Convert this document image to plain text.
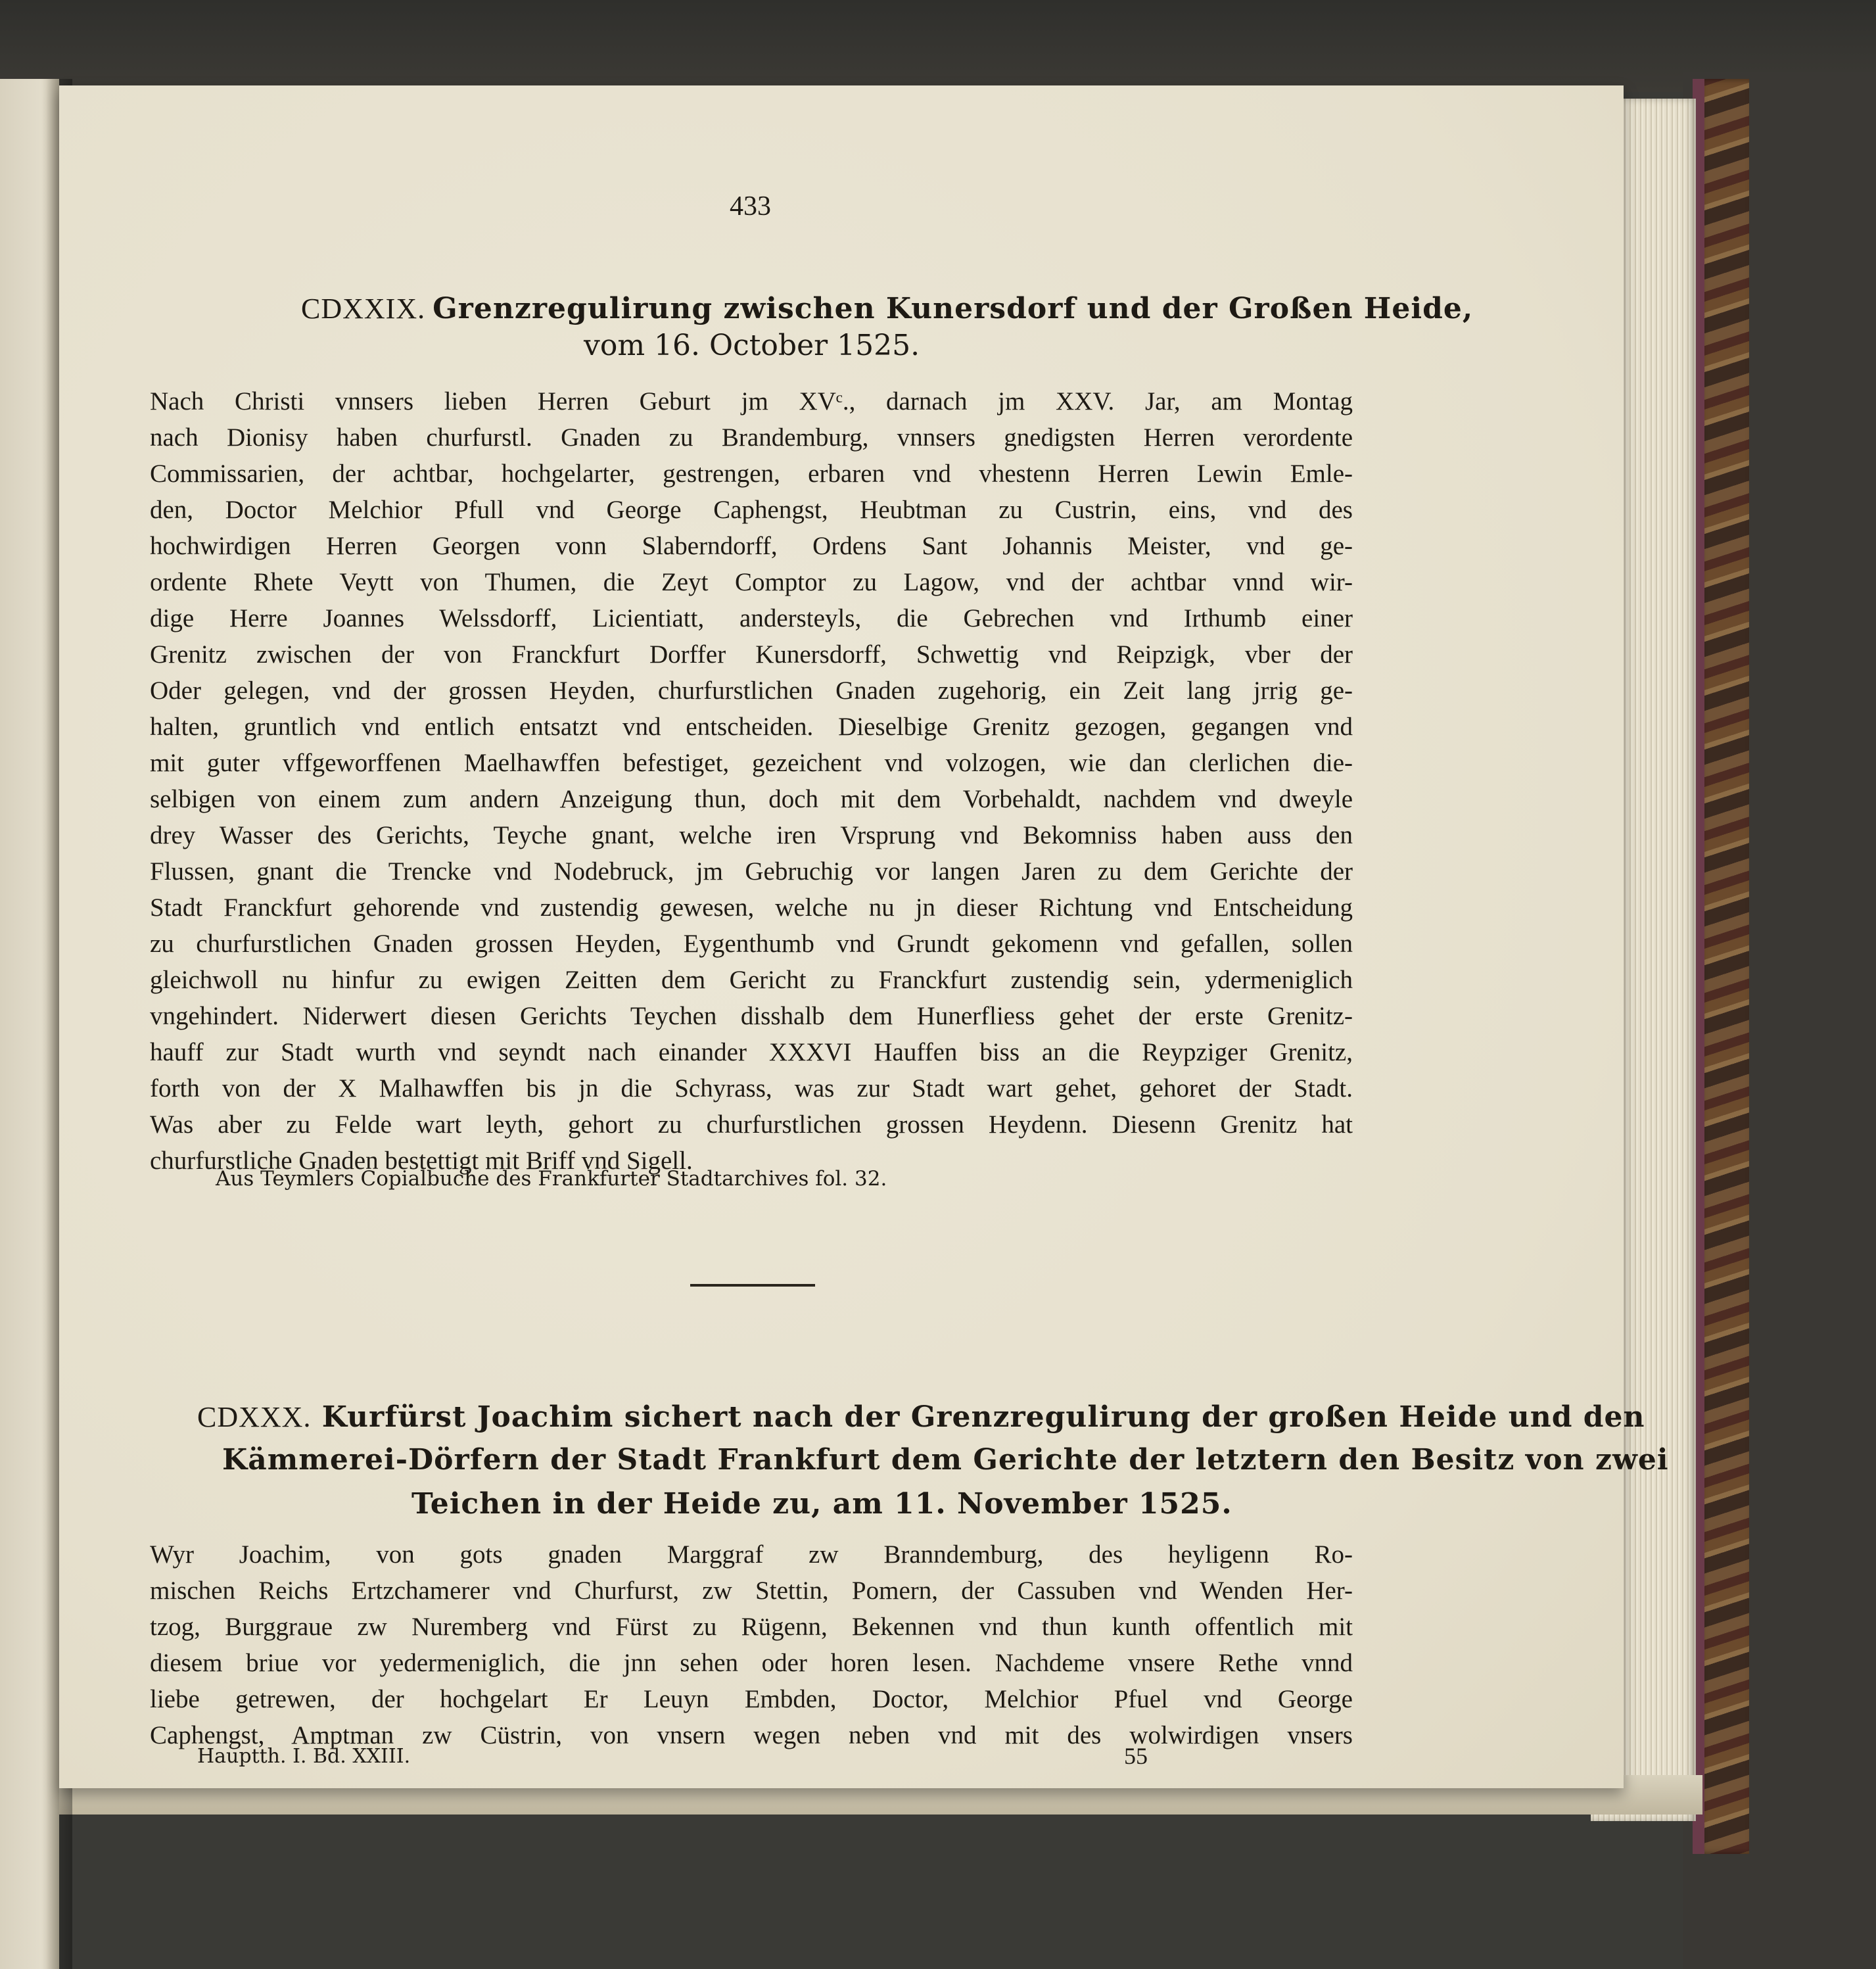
433
CDXXIX. Grenzregulirung zwischen Kunersdorf und der Großen Heide,
vom 16. October 1525.

Nach Christi vnnsers lieben Herren Geburt jm XVᶜ., darnach jm XXV. Jar, am Montag

nach Dionisy haben churfurstl. Gnaden zu Brandemburg, vnnsers gnedigsten Herren verordente

Commissarien, der achtbar, hochgelarter, gestrengen, erbaren vnd vhestenn Herren Lewin Emle-

den, Doctor Melchior Pfull vnd George Caphengst, Heubtman zu Custrin, eins, vnd des

hochwirdigen Herren Georgen vonn Slaberndorff, Ordens Sant Johannis Meister, vnd ge-

ordente Rhete Veytt von Thumen, die Zeyt Comptor zu Lagow, vnd der achtbar vnnd wir-

dige Herre Joannes Welssdorff, Licientiatt, andersteyls, die Gebrechen vnd Irthumb einer

Grenitz zwischen der von Franckfurt Dorffer Kunersdorff, Schwettig vnd Reipzigk, vber der

Oder gelegen, vnd der grossen Heyden, churfurstlichen Gnaden zugehorig, ein Zeit lang jrrig ge-

halten, gruntlich vnd entlich entsatzt vnd entscheiden. Dieselbige Grenitz gezogen, gegangen vnd

mit guter vffgeworffenen Maelhawffen befestiget, gezeichent vnd volzogen, wie dan clerlichen die-

selbigen von einem zum andern Anzeigung thun, doch mit dem Vorbehaldt, nachdem vnd dweyle

drey Wasser des Gerichts, Teyche gnant, welche iren Vrsprung vnd Bekomniss haben auss den

Flussen, gnant die Trencke vnd Nodebruck, jm Gebruchig vor langen Jaren zu dem Gerichte der

Stadt Franckfurt gehorende vnd zustendig gewesen, welche nu jn dieser Richtung vnd Entscheidung

zu churfurstlichen Gnaden grossen Heyden, Eygenthumb vnd Grundt gekomenn vnd gefallen, sollen

gleichwoll nu hinfur zu ewigen Zeitten dem Gericht zu Franckfurt zustendig sein, ydermeniglich

vngehindert. Niderwert diesen Gerichts Teychen disshalb dem Hunerfliess gehet der erste Grenitz-

hauff zur Stadt wurth vnd seyndt nach einander XXXVI Hauffen biss an die Reypziger Grenitz,

forth von der X Malhawffen bis jn die Schyrass, was zur Stadt wart gehet, gehoret der Stadt.

Was aber zu Felde wart leyth, gehort zu churfurstlichen grossen Heydenn. Diesenn Grenitz hat

churfurstliche Gnaden bestettigt mit Briff vnd Sigell.

Aus Teymlers Copialbuche des Frankfurter Stadtarchives fol. 32.
CDXXX. Kurfürst Joachim sichert nach der Grenzregulirung der großen Heide und den
Kämmerei-Dörfern der Stadt Frankfurt dem Gerichte der letztern den Besitz von zwei
Teichen in der Heide zu, am 11. November 1525.

Wyr Joachim, von gots gnaden Marggraf zw Branndemburg, des heyligenn Ro-

mischen Reichs Ertzchamerer vnd Churfurst, zw Stettin, Pomern, der Cassuben vnd Wenden Her-

tzog, Burggraue zw Nuremberg vnd Fürst zu Rügenn, Bekennen vnd thun kunth offentlich mit

diesem briue vor yedermeniglich, die jnn sehen oder horen lesen. Nachdeme vnsere Rethe vnnd

liebe getrewen, der hochgelart Er Leuyn Embden, Doctor, Melchior Pfuel vnd George

Caphengst, Amptman zw Cüstrin, von vnsern wegen neben vnd mit des wolwirdigen vnsers

Hauptth. I. Bd. XXIII.	55
